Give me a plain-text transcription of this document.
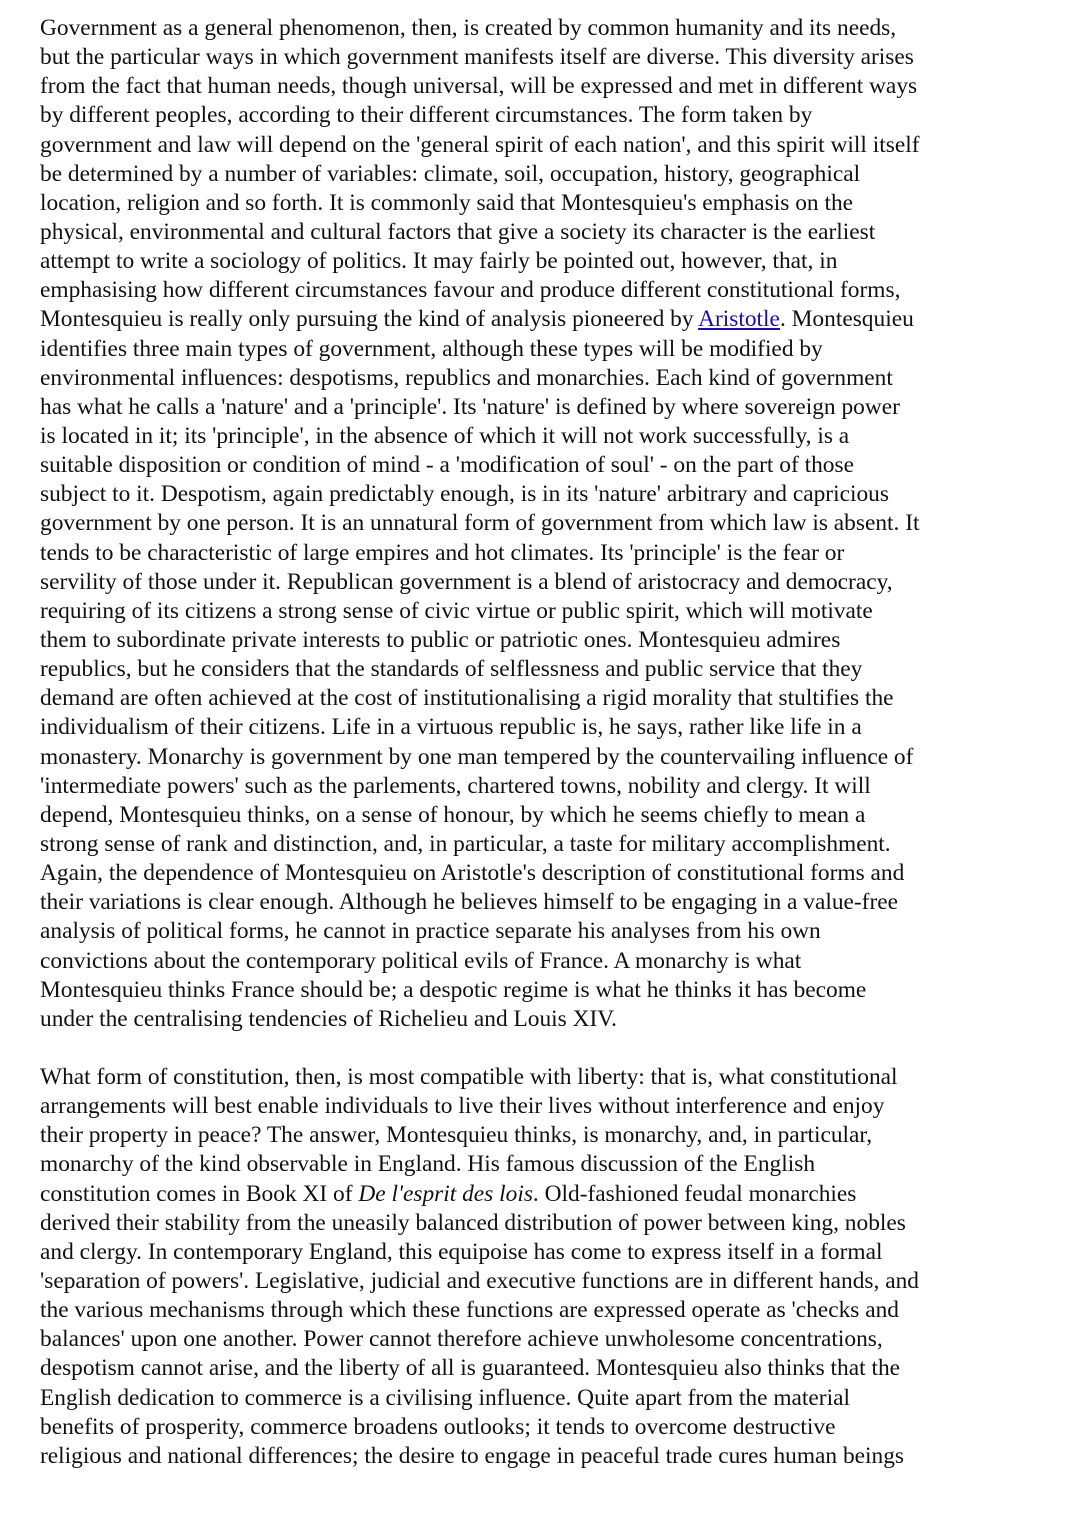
Government as a general phenomenon, then, is created by common humanity and its needs,
but the particular ways in which government manifests itself are diverse. This diversity arises
from the fact that human needs, though universal, will be expressed and met in different ways
by different peoples, according to their different circumstances. The form taken by
government and law will depend on the 'general spirit of each nation', and this spirit will itself
be determined by a number of variables: climate, soil, occupation, history, geographical
location, religion and so forth. It is commonly said that Montesquieu's emphasis on the
physical, environmental and cultural factors that give a society its character is the earliest
attempt to write a sociology of politics. It may fairly be pointed out, however, that, in
emphasising how different circumstances favour and produce different constitutional forms,
Montesquieu is really only pursuing the kind of analysis pioneered by Aristotle. Montesquieu
identifies three main types of government, although these types will be modified by
environmental influences: despotisms, republics and monarchies. Each kind of government
has what he calls a 'nature' and a 'principle'. Its 'nature' is defined by where sovereign power
is located in it; its 'principle', in the absence of which it will not work successfully, is a
suitable disposition or condition of mind - a 'modification of soul' - on the part of those
subject to it. Despotism, again predictably enough, is in its 'nature' arbitrary and capricious
government by one person. It is an unnatural form of government from which law is absent. It
tends to be characteristic of large empires and hot climates. Its 'principle' is the fear or
servility of those under it. Republican government is a blend of aristocracy and democracy,
requiring of its citizens a strong sense of civic virtue or public spirit, which will motivate
them to subordinate private interests to public or patriotic ones. Montesquieu admires
republics, but he considers that the standards of selflessness and public service that they
demand are often achieved at the cost of institutionalising a rigid morality that stultifies the
individualism of their citizens. Life in a virtuous republic is, he says, rather like life in a
monastery. Monarchy is government by one man tempered by the countervailing influence of
'intermediate powers' such as the parlements, chartered towns, nobility and clergy. It will
depend, Montesquieu thinks, on a sense of honour, by which he seems chiefly to mean a
strong sense of rank and distinction, and, in particular, a taste for military accomplishment.
Again, the dependence of Montesquieu on Aristotle's description of constitutional forms and
their variations is clear enough. Although he believes himself to be engaging in a value-free
analysis of political forms, he cannot in practice separate his analyses from his own
convictions about the contemporary political evils of France. A monarchy is what
Montesquieu thinks France should be; a despotic regime is what he thinks it has become
under the centralising tendencies of Richelieu and Louis XIV.
What form of constitution, then, is most compatible with liberty: that is, what constitutional
arrangements will best enable individuals to live their lives without interference and enjoy
their property in peace? The answer, Montesquieu thinks, is monarchy, and, in particular,
monarchy of the kind observable in England. His famous discussion of the English
constitution comes in Book XI of De l'esprit des lois. Old-fashioned feudal monarchies
derived their stability from the uneasily balanced distribution of power between king, nobles
and clergy. In contemporary England, this equipoise has come to express itself in a formal
'separation of powers'. Legislative, judicial and executive functions are in different hands, and
the various mechanisms through which these functions are expressed operate as 'checks and
balances' upon one another. Power cannot therefore achieve unwholesome concentrations,
despotism cannot arise, and the liberty of all is guaranteed. Montesquieu also thinks that the
English dedication to commerce is a civilising influence. Quite apart from the material
benefits of prosperity, commerce broadens outlooks; it tends to overcome destructive
religious and national differences; the desire to engage in peaceful trade cures human beings
